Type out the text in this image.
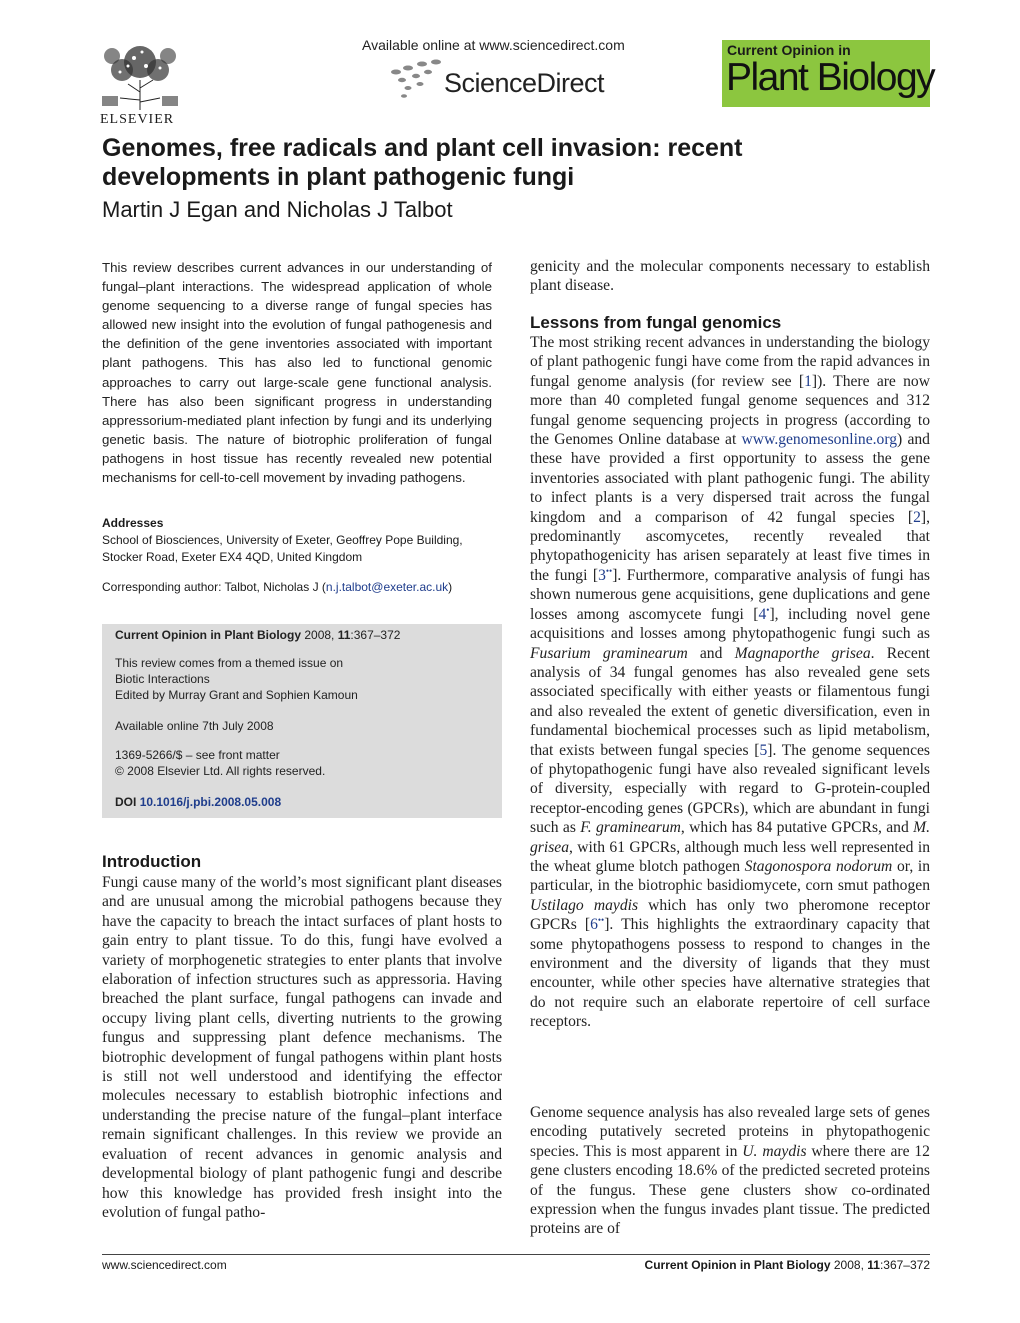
ELSEVIER
Available online at www.sciencedirect.com
ScienceDirect
Current Opinion in
Plant Biology
Genomes, free radicals and plant cell invasion: recent developments in plant pathogenic fungi
Martin J Egan and Nicholas J Talbot
This review describes current advances in our understanding of fungal–plant interactions. The widespread application of whole genome sequencing to a diverse range of fungal species has allowed new insight into the evolution of fungal pathogenesis and the definition of the gene inventories associated with important plant pathogens. This has also led to functional genomic approaches to carry out large-scale gene functional analysis. There has also been significant progress in understanding appressorium-mediated plant infection by fungi and its underlying genetic basis. The nature of biotrophic proliferation of fungal pathogens in host tissue has recently revealed new potential mechanisms for cell-to-cell movement by invading pathogens.
Addresses
School of Biosciences, University of Exeter, Geoffrey Pope Building,
Stocker Road, Exeter EX4 4QD, United Kingdom
Corresponding author: Talbot, Nicholas J (n.j.talbot@exeter.ac.uk)
Current Opinion in Plant Biology 2008, 11:367–372
This review comes from a themed issue on
Biotic Interactions
Edited by Murray Grant and Sophien Kamoun
Available online 7th July 2008
1369-5266/$ – see front matter
© 2008 Elsevier Ltd. All rights reserved.
DOI 10.1016/j.pbi.2008.05.008
Introduction
Fungi cause many of the world’s most significant plant diseases and are unusual among the microbial pathogens because they have the capacity to breach the intact surfaces of plant hosts to gain entry to plant tissue. To do this, fungi have evolved a variety of morphogenetic strategies to enter plants that involve elaboration of infection structures such as appressoria. Having breached the plant surface, fungal pathogens can invade and occupy living plant cells, diverting nutrients to the growing fungus and suppressing plant defence mechanisms. The biotrophic development of fungal pathogens within plant hosts is still not well understood and identifying the effector molecules necessary to establish biotrophic infections and understanding the precise nature of the fungal–plant interface remain significant challenges. In this review we provide an evaluation of recent advances in genomic analysis and developmental biology of plant pathogenic fungi and describe how this knowledge has provided fresh insight into the evolution of fungal patho-
genicity and the molecular components necessary to establish plant disease.
Lessons from fungal genomics
The most striking recent advances in understanding the biology of plant pathogenic fungi have come from the rapid advances in fungal genome analysis (for review see [1]). There are now more than 40 completed fungal genome sequences and 312 fungal genome sequencing projects in progress (according to the Genomes Online database at www.genomesonline.org) and these have provided a first opportunity to assess the gene inventories associated with plant pathogenic fungi. The ability to infect plants is a very dispersed trait across the fungal kingdom and a comparison of 42 fungal species [2], predominantly ascomycetes, recently revealed that phytopathogenicity has arisen separately at least five times in the fungi [3••]. Furthermore, comparative analysis of fungi has shown numerous gene acquisitions, gene duplications and gene losses among ascomycete fungi [4•], including novel gene acquisitions and losses among phytopathogenic fungi such as Fusarium graminearum and Magnaporthe grisea. Recent analysis of 34 fungal genomes has also revealed gene sets associated specifically with either yeasts or filamentous fungi and also revealed the extent of genetic diversification, even in fundamental biochemical processes such as lipid metabolism, that exists between fungal species [5]. The genome sequences of phytopathogenic fungi have also revealed significant levels of diversity, especially with regard to G-protein-coupled receptor-encoding genes (GPCRs), which are abundant in fungi such as F. graminearum, which has 84 putative GPCRs, and M. grisea, with 61 GPCRs, although much less well represented in the wheat glume blotch pathogen Stagonospora nodorum or, in particular, in the biotrophic basidiomycete, corn smut pathogen Ustilago maydis which has only two pheromone receptor GPCRs [6••]. This highlights the extraordinary capacity that some phytopathogens possess to respond to changes in the environment and the diversity of ligands that they must encounter, while other species have alternative strategies that do not require such an elaborate repertoire of cell surface receptors.
Genome sequence analysis has also revealed large sets of genes encoding putatively secreted proteins in phytopathogenic species. This is most apparent in U. maydis where there are 12 gene clusters encoding 18.6% of the predicted secreted proteins of the fungus. These gene clusters show co-ordinated expression when the fungus invades plant tissue. The predicted proteins are of
www.sciencedirect.com	Current Opinion in Plant Biology 2008, 11:367–372
